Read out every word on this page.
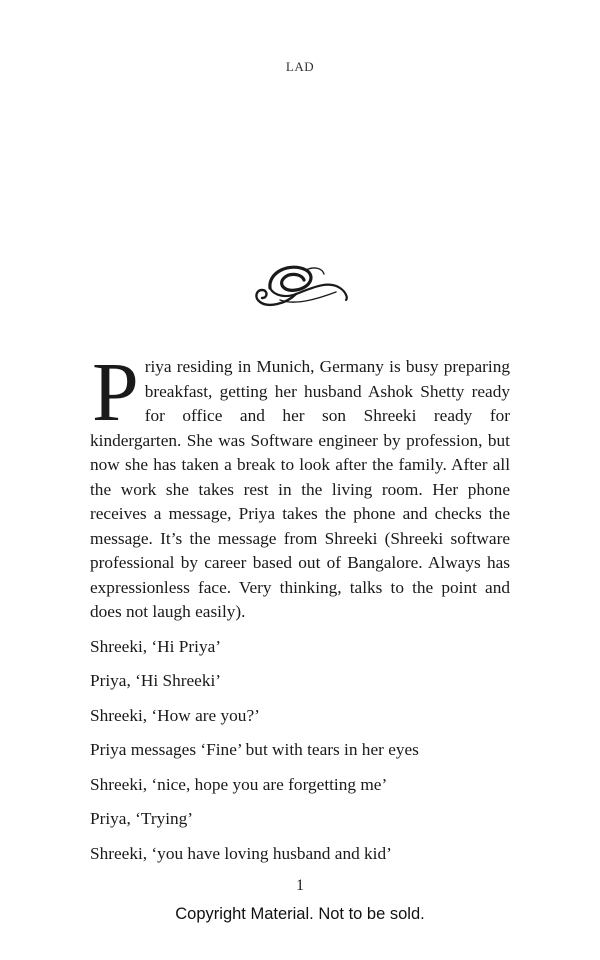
LAD

Priya residing in Munich, Germany is busy preparing breakfast, getting her husband Ashok Shetty ready for office and her son Shreeki ready for kindergarten. She was Software engineer by profession, but now she has taken a break to look after the family. After all the work she takes rest in the living room. Her phone receives a message, Priya takes the phone and checks the message. It’s the message from Shreeki (Shreeki software professional by career based out of Bangalore. Always has expressionless face. Very thinking, talks to the point and does not laugh easily).

Shreeki, ‘Hi Priya’

Priya, ‘Hi Shreeki’

Shreeki, ‘How are you?’

Priya messages ‘Fine’ but with tears in her eyes

Shreeki, ‘nice, hope you are forgetting me’

Priya, ‘Trying’

Shreeki, ‘you have loving husband and kid’

1
Copyright Material. Not to be sold.
